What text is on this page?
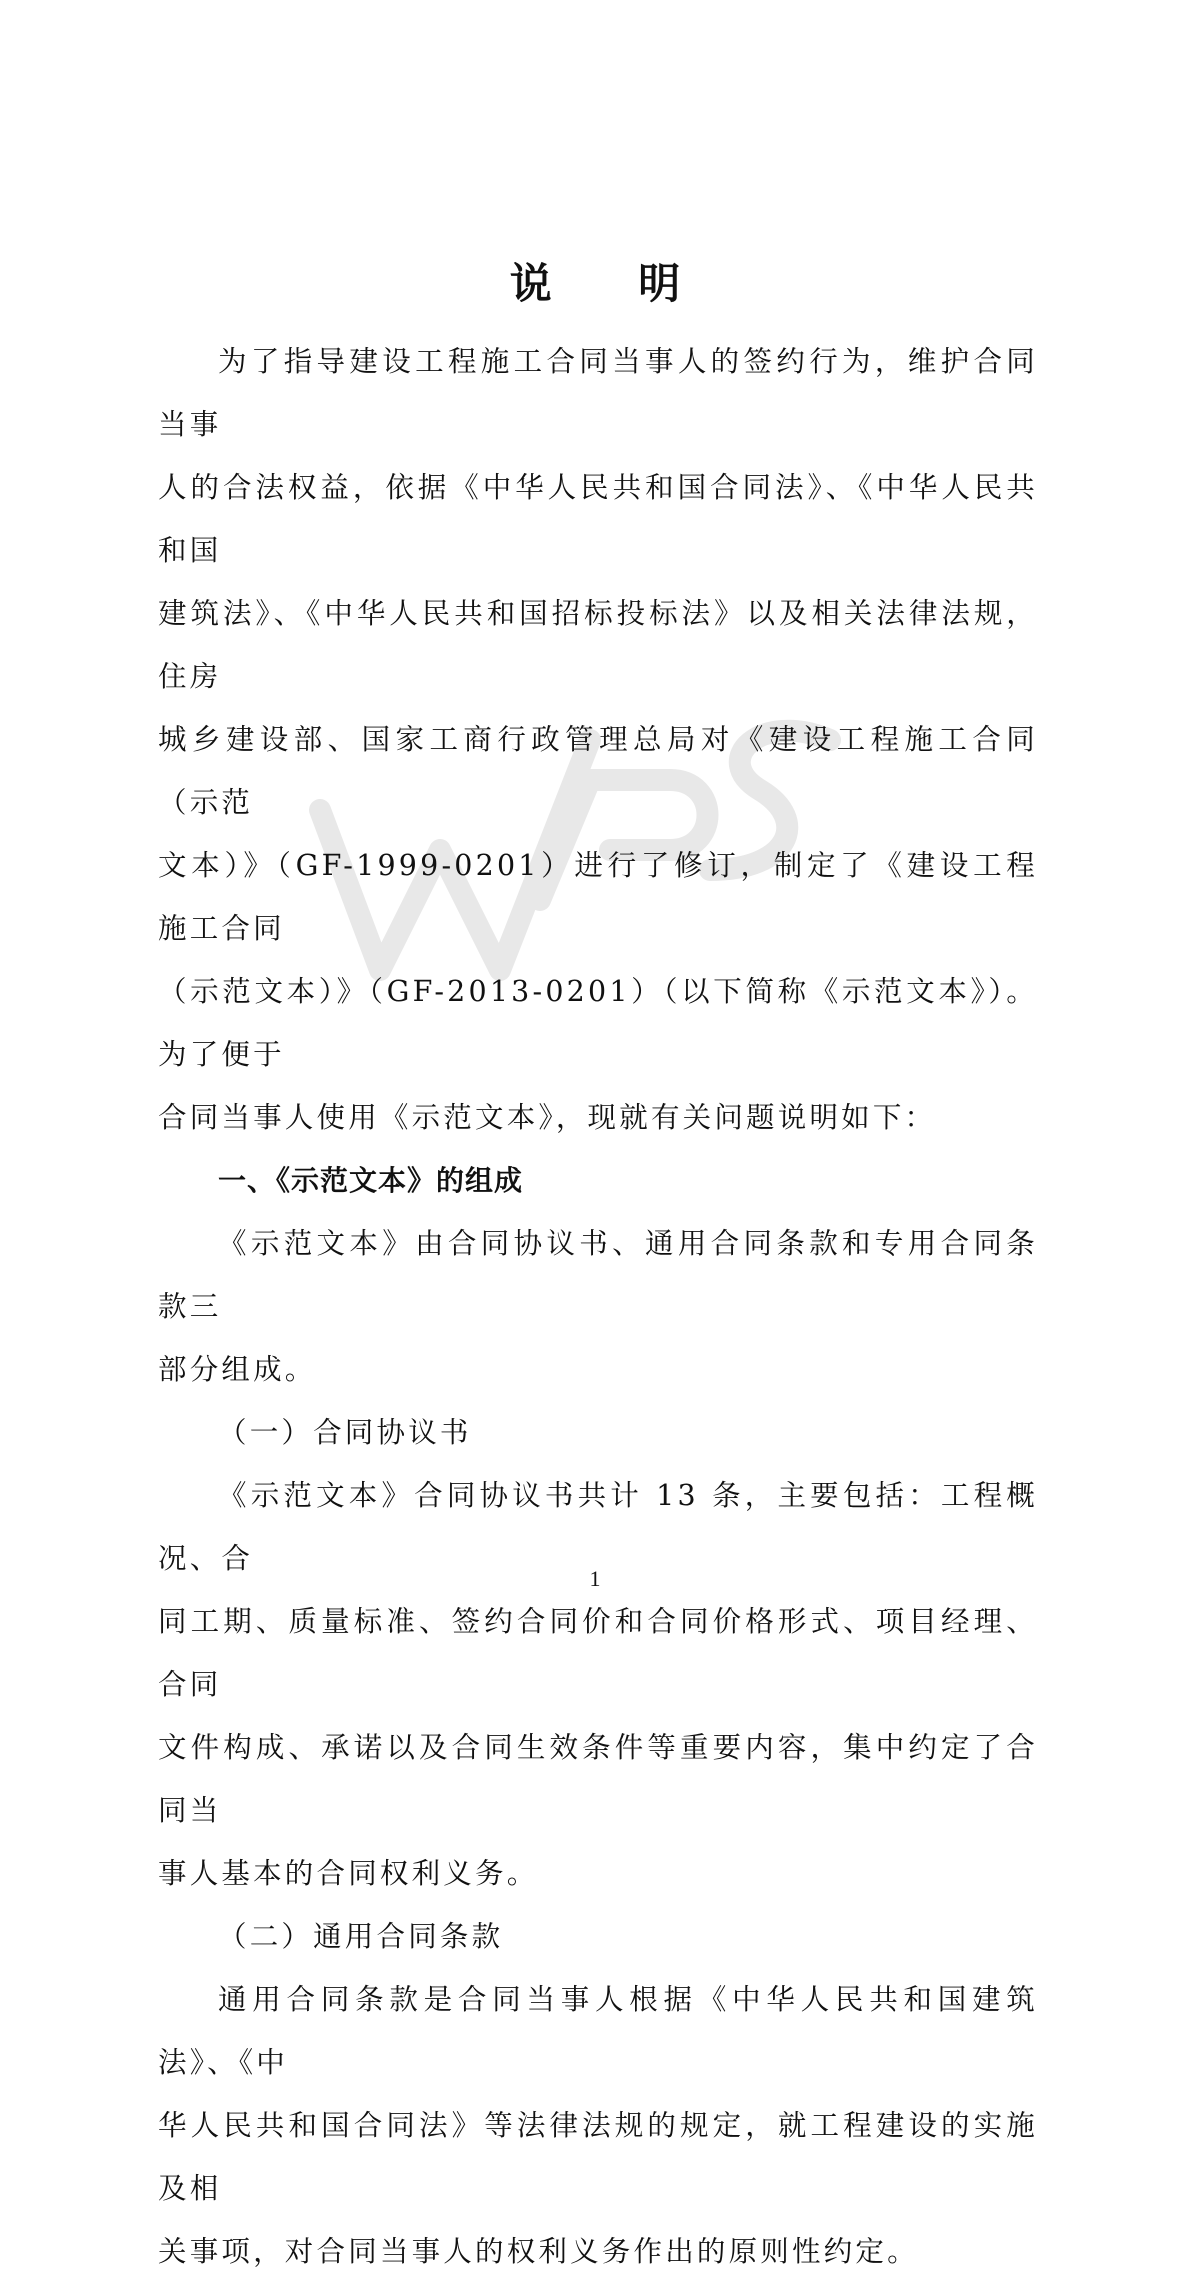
说 明

为了指导建设工程施工合同当事人的签约行为，维护合同当事
人的合法权益，依据《中华人民共和国合同法》、《中华人民共和国
建筑法》、《中华人民共和国招标投标法》以及相关法律法规，住房
城乡建设部、国家工商行政管理总局对《建设工程施工合同（示范
文本）》（GF-1999-0201）进行了修订，制定了《建设工程施工合同
（示范文本）》（GF-2013-0201）（以下简称《示范文本》）。为了便于
合同当事人使用《示范文本》，现就有关问题说明如下：

一、《示范文本》的组成

《示范文本》由合同协议书、通用合同条款和专用合同条款三
部分组成。

（一）合同协议书

《示范文本》合同协议书共计 13 条，主要包括：工程概况、合
同工期、质量标准、签约合同价和合同价格形式、项目经理、合同
文件构成、承诺以及合同生效条件等重要内容，集中约定了合同当
事人基本的合同权利义务。

（二）通用合同条款

通用合同条款是合同当事人根据《中华人民共和国建筑法》、《中
华人民共和国合同法》等法律法规的规定，就工程建设的实施及相
关事项，对合同当事人的权利义务作出的原则性约定。

1
